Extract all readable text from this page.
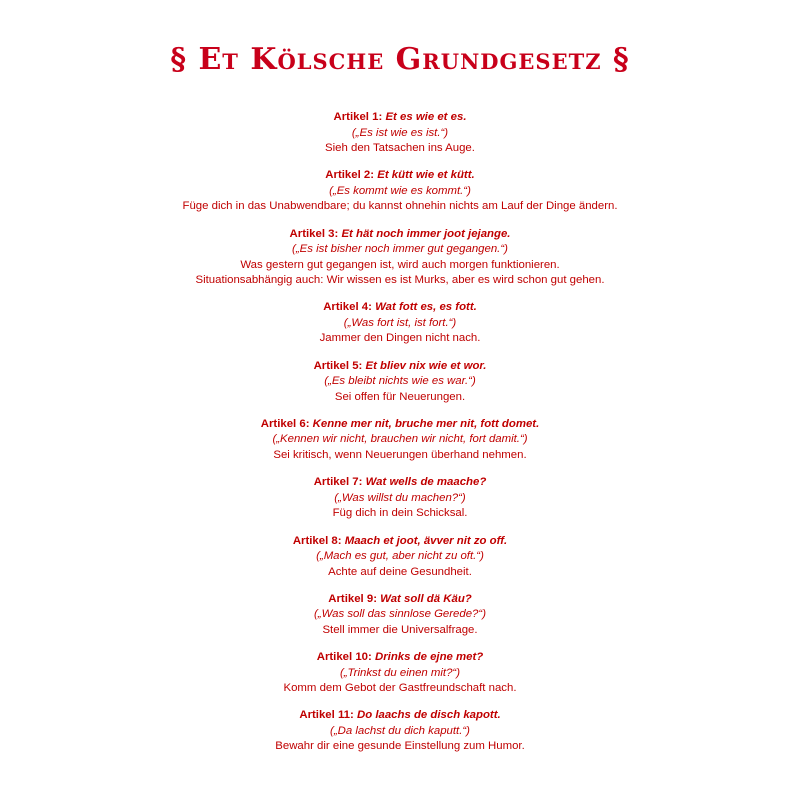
§ Et Kölsche Grundgesetz §
Artikel 1: Et es wie et es.
(„Es ist wie es ist.“)
Sieh den Tatsachen ins Auge.
Artikel 2: Et kütt wie et kütt.
(„Es kommt wie es kommt.“)
Füge dich in das Unabwendbare; du kannst ohnehin nichts am Lauf der Dinge ändern.
Artikel 3: Et hät noch immer joot jejange.
(„Es ist bisher noch immer gut gegangen.“)
Was gestern gut gegangen ist, wird auch morgen funktionieren.
Situationsabhängig auch: Wir wissen es ist Murks, aber es wird schon gut gehen.
Artikel 4: Wat fott es, es fott.
(„Was fort ist, ist fort.“)
Jammer den Dingen nicht nach.
Artikel 5: Et bliev nix wie et wor.
(„Es bleibt nichts wie es war.“)
Sei offen für Neuerungen.
Artikel 6: Kenne mer nit, bruche mer nit, fott domet.
(„Kennen wir nicht, brauchen wir nicht, fort damit.“)
Sei kritisch, wenn Neuerungen überhand nehmen.
Artikel 7: Wat wells de maache?
(„Was willst du machen?“)
Füg dich in dein Schicksal.
Artikel 8: Maach et joot, ävver nit zo off.
(„Mach es gut, aber nicht zu oft.“)
Achte auf deine Gesundheit.
Artikel 9: Wat soll dä Käu?
(„Was soll das sinnlose Gerede?“)
Stell immer die Universalfrage.
Artikel 10: Drinks de ejne met?
(„Trinkst du einen mit?“)
Komm dem Gebot der Gastfreundschaft nach.
Artikel 11: Do laachs de disch kapott.
(„Da lachst du dich kaputt.“)
Bewahr dir eine gesunde Einstellung zum Humor.
